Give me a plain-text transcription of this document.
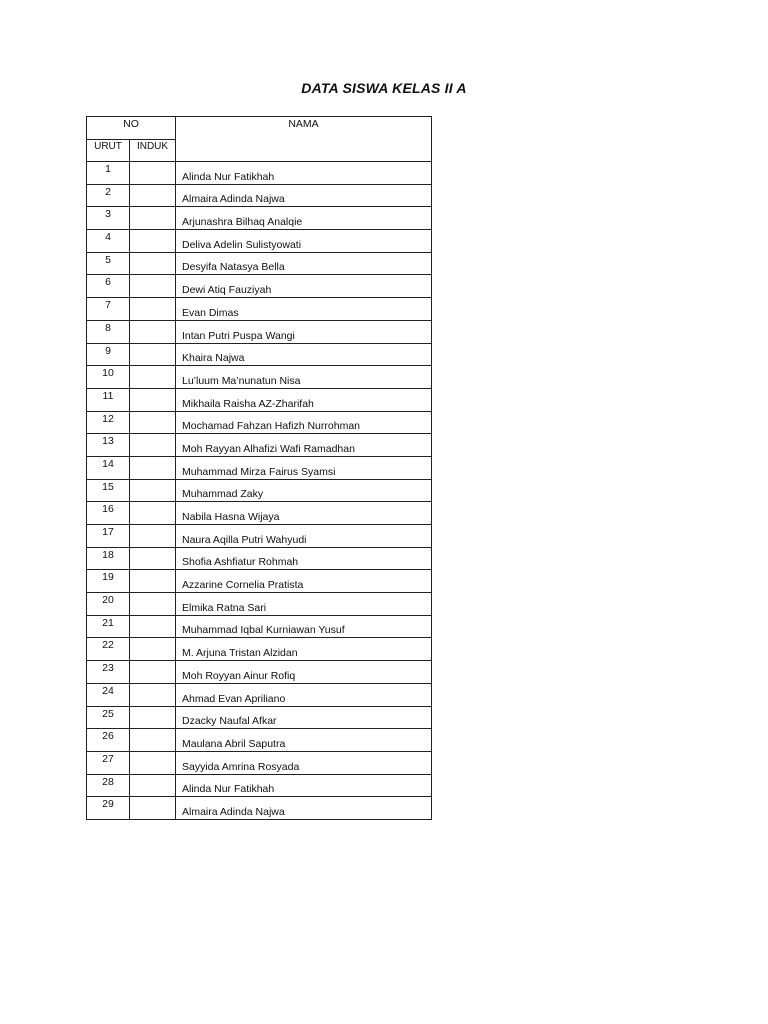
DATA SISWA KELAS II A
NO		NAMA
URUT	INDUK	
1		Alinda Nur Fatikhah
2		Almaira Adinda Najwa
3		Arjunashra Bilhaq Analqie
4		Deliva Adelin Sulistyowati
5		Desyifa Natasya Bella
6		Dewi Atiq Fauziyah
7		Evan Dimas
8		Intan Putri Puspa Wangi
9		Khaira Najwa
10		Lu’luum Ma’nunatun Nisa
11		Mikhaila Raisha AZ-Zharifah
12		Mochamad Fahzan Hafizh Nurrohman
13		Moh Rayyan Alhafizi Wafi Ramadhan
14		Muhammad Mirza Fairus Syamsi
15		Muhammad Zaky
16		Nabila Hasna Wijaya
17		Naura Aqilla Putri Wahyudi
18		Shofia Ashfiatur Rohmah
19		Azzarine Cornelia Pratista
20		Elmika Ratna Sari
21		Muhammad Iqbal Kurniawan Yusuf
22		M. Arjuna Tristan Alzidan
23		Moh Royyan Ainur Rofiq
24		Ahmad Evan Apriliano
25		Dzacky Naufal Afkar
26		Maulana Abril Saputra
27		Sayyida Amrina Rosyada
28		Alinda Nur Fatikhah
29		Almaira Adinda Najwa
